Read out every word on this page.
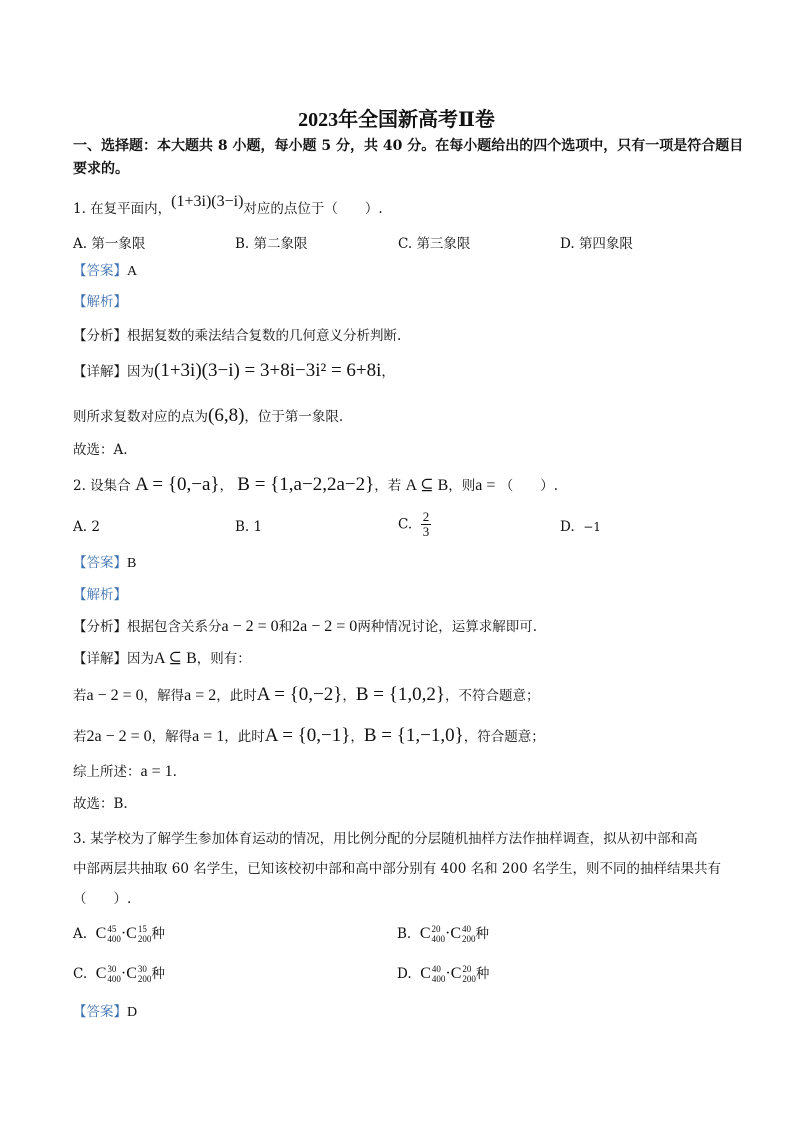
2023年全国新高考Ⅱ卷
一、选择题：本大题共 8 小题，每小题 5 分，共 40 分。在每小题给出的四个选项中，只有一项是符合题目
要求的。
1. 在复平面内，(1+3i)(3−i)对应的点位于（　　）.
A. 第一象限	B. 第二象限	C. 第三象限	D. 第四象限
【答案】A
【解析】
【分析】根据复数的乘法结合复数的几何意义分析判断.
【详解】因为(1+3i)(3−i) = 3+8i−3i² = 6+8i，
则所求复数对应的点为(6,8)，位于第一象限.
故选：A.
2. 设集合 A = {0,−a}， B = {1,a−2,2a−2}，若 A ⊆ B，则a = （　　）.
A. 2	B. 1	C. $\frac{2}{3}$	D. −1
【答案】B
【解析】
【分析】根据包含关系分a − 2 = 0和2a − 2 = 0两种情况讨论，运算求解即可.
【详解】因为A ⊆ B，则有：
若a − 2 = 0，解得a = 2，此时A = {0,−2}，B = {1,0,2}，不符合题意；
若2a − 2 = 0，解得a = 1，此时A = {0,−1}，B = {1,−1,0}，符合题意；
综上所述：a = 1.
故选：B.
3. 某学校为了解学生参加体育运动的情况，用比例分配的分层随机抽样方法作抽样调查，拟从初中部和高
中部两层共抽取 60 名学生，已知该校初中部和高中部分别有 400 名和 200 名学生，则不同的抽样结果共有
（　　）.
A. C 45
400 ·C 15
200 种	B. C 20
400 ·C 40
200 种
C. C 30
400 ·C 30
200 种	D. C 40
400 ·C 20
200 种
【答案】D
